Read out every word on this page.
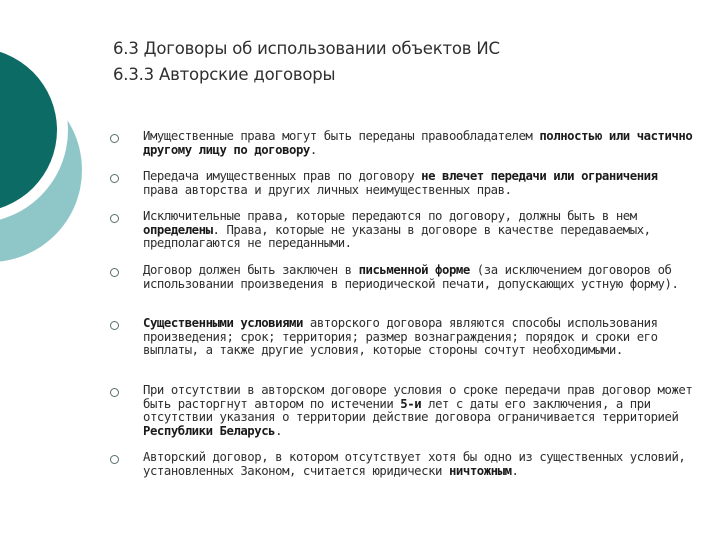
6.3 Договоры об использовании объектов ИС
6.3.3 Авторские договоры
Имущественные права могут быть переданы правообладателем полностью или частично другому лицу по договору.
Передача имущественных прав по договору не влечет передачи или ограничения права авторства и других личных неимущественных прав.
Исключительные права, которые передаются по договору, должны быть в нем определены. Права, которые не указаны в договоре в качестве передаваемых, предполагаются не переданными.
Договор должен быть заключен в письменной форме (за исключением договоров об использовании произведения в периодической печати, допускающих устную форму).
Существенными условиями авторского договора являются способы использования произведения; срок; территория; размер вознаграждения; порядок и сроки его выплаты, а также другие условия, которые стороны сочтут необходимыми.
При отсутствии в авторском договоре условия о сроке передачи прав договор может быть расторгнут автором по истечении 5-и лет с даты его заключения, а при отсутствии указания о территории действие договора ограничивается территорией Республики Беларусь.
Авторский договор, в котором отсутствует хотя бы одно из существенных условий, установленных Законом, считается юридически ничтожным.
